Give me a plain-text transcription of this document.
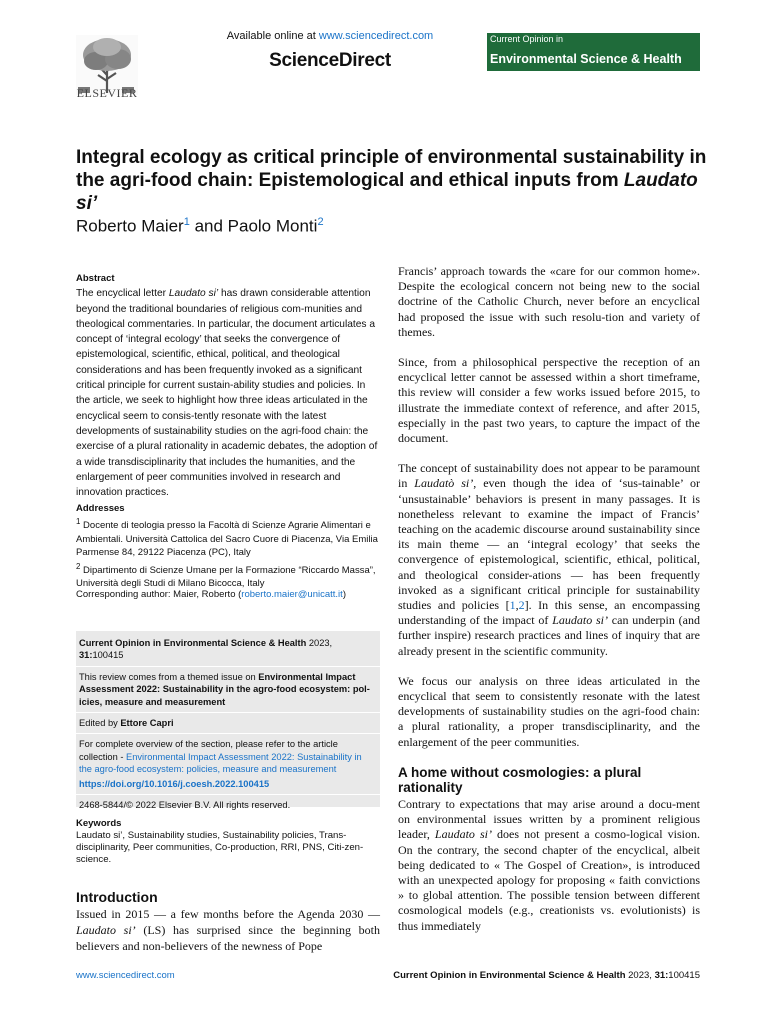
ELSEVIER
Available online at www.sciencedirect.com
ScienceDirect
Current Opinion in
Environmental Science & Health
Integral ecology as critical principle of environmental sustainability in the agri-food chain: Epistemological and ethical inputs from Laudato si’
Roberto Maier$^1$ and Paolo Monti$^2$
Abstract
The encyclical letter Laudato si’ has drawn considerable attention beyond the traditional boundaries of religious com-munities and theological commentaries. In particular, the document articulates a concept of ‘integral ecology’ that seeks the convergence of epistemological, scientific, ethical, political, and theological considerations and has been frequently invoked as a significant critical principle for current sustain-ability studies and policies. In the article, we seek to highlight how three ideas articulated in the encyclical seem to consis-tently resonate with the latest developments of sustainability studies on the agri-food chain: the exercise of a plural rationality in academic debates, the adoption of a wide transdisciplinarity that includes the humanities, and the enlargement of peer communities involved in research and innovation practices.
Addresses
$^1$ Docente di teologia presso la Facoltà di Scienze Agrarie Alimentari e Ambientali. Università Cattolica del Sacro Cuore di Piacenza, Via Emilia Parmense 84, 29122 Piacenza (PC), Italy
$^2$ Dipartimento di Scienze Umane per la Formazione “Riccardo Massa”, Università degli Studi di Milano Bicocca, Italy
Corresponding author: Maier, Roberto (roberto.maier@unicatt.it)
Current Opinion in Environmental Science & Health 2023, 31:100415
This review comes from a themed issue on Environmental Impact Assessment 2022: Sustainability in the agro-food ecosystem: pol-icies, measure and measurement
Edited by Ettore Capri
For complete overview of the section, please refer to the article collection - Environmental Impact Assessment 2022: Sustainability in the agro-food ecosystem: policies, measure and measurement
https://doi.org/10.1016/j.coesh.2022.100415
2468-5844/© 2022 Elsevier B.V. All rights reserved.
Keywords
Laudato si’, Sustainability studies, Sustainability policies, Trans-disciplinarity, Peer communities, Co-production, RRI, PNS, Citi-zen-science.
Introduction
Issued in 2015 — a few months before the Agenda 2030 — Laudato si’ (LS) has surprised since the beginning both believers and non-believers of the newness of Pope

Francis’ approach towards the «care for our common home». Despite the ecological concern not being new to the social doctrine of the Catholic Church, never before an encyclical had proposed the issue with such resolu-tion and variety of themes.

Since, from a philosophical perspective the reception of an encyclical letter cannot be assessed within a short timeframe, this review will consider a few works issued before 2015, to illustrate the immediate context of reference, and after 2015, especially in the past two years, to capture the impact of the document.

The concept of sustainability does not appear to be paramount in Laudatò si’, even though the idea of ‘sus-tainable’ or ‘unsustainable’ behaviors is present in many passages. It is nonetheless relevant to examine the impact of Francis’ teaching on the academic discourse around sustainability since its main theme — an ‘integral ecology’ that seeks the convergence of epistemological, scientific, ethical, political, and theological consider-ations — has been frequently invoked as a significant critical principle for sustainability studies and policies [1,2]. In this sense, an encompassing understanding of the impact of Laudato si’ can underpin (and further inspire) research practices and lines of inquiry that are already present in the scientific community.

We focus our analysis on three ideas articulated in the encyclical that seem to consistently resonate with the latest developments of sustainability studies on the agri-food chain: a plural rationality, a proper transdisciplinarity, and the enlargement of the peer communities.

A home without cosmologies: a plural rationality
Contrary to expectations that may arise around a docu-ment on environmental issues written by a prominent religious leader, Laudato si’ does not present a cosmo-logical vision. On the contrary, the second chapter of the encyclical, albeit being dedicated to « The Gospel of Creation», is introduced with an unexpected apology for proposing « faith convictions » to global attention. The possible tension between different cosmological models (e.g., creationists vs. evolutionists) is thus immediately
www.sciencedirect.com	Current Opinion in Environmental Science & Health 2023, 31:100415
